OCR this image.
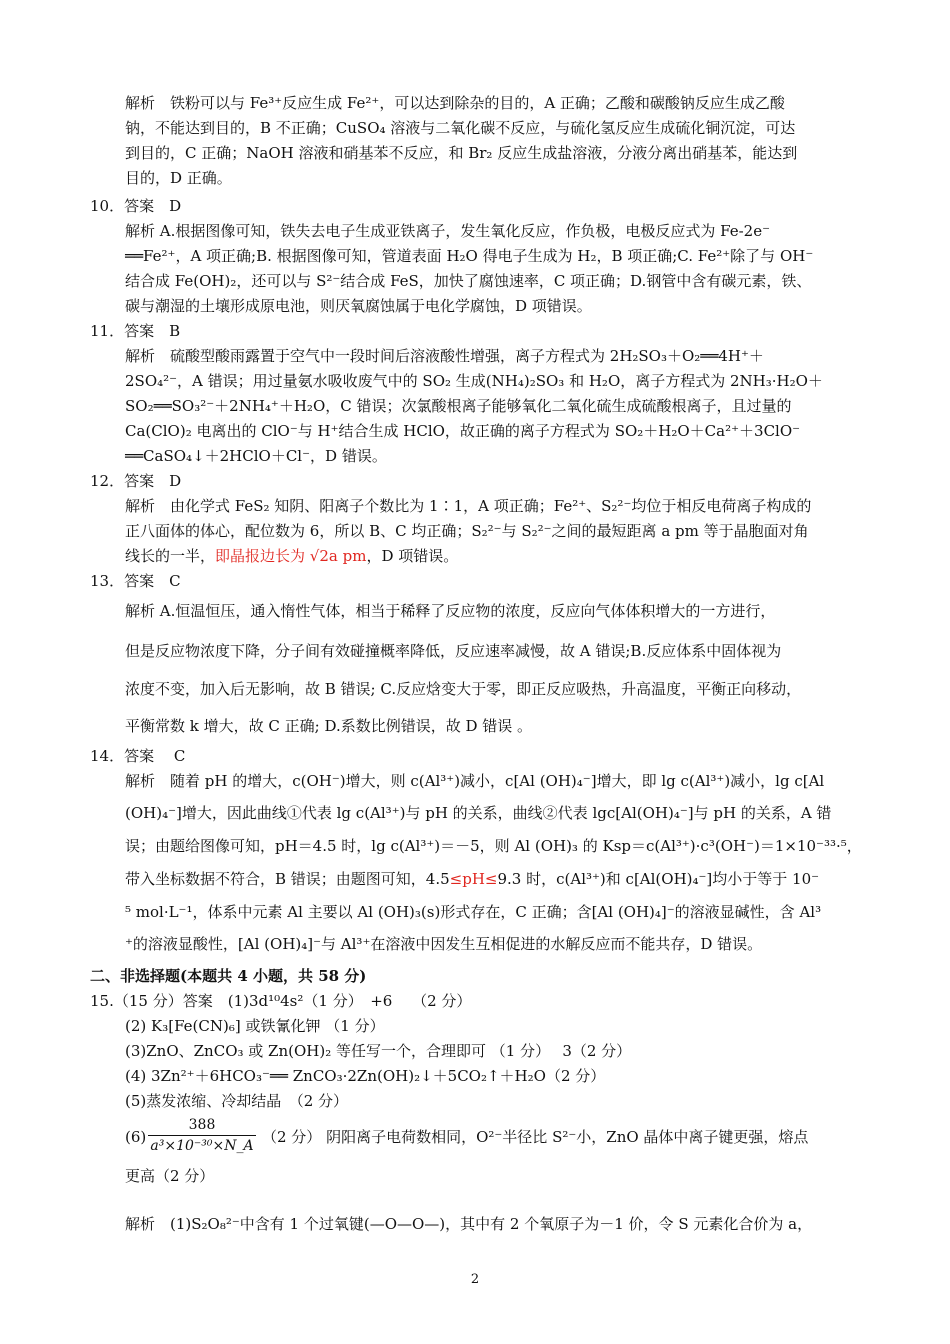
解析　铁粉可以与 Fe³⁺反应生成 Fe²⁺，可以达到除杂的目的，A 正确；乙酸和碳酸钠反应生成乙酸
钠，不能达到目的，B 不正确；CuSO₄ 溶液与二氧化碳不反应，与硫化氢反应生成硫化铜沉淀，可达
到目的，C 正确；NaOH 溶液和硝基苯不反应，和 Br₂ 反应生成盐溶液，分液分离出硝基苯，能达到
目的，D 正确。
10．答案　D
解析 A.根据图像可知，铁失去电子生成亚铁离子，发生氧化反应，作负极，电极反应式为 Fe-2e⁻
══Fe²⁺，A 项正确;B. 根据图像可知，管道表面 H₂O 得电子生成为 H₂，B 项正确;C. Fe²⁺除了与 OH⁻
结合成 Fe(OH)₂，还可以与 S²⁻结合成 FeS，加快了腐蚀速率，C 项正确；D.钢管中含有碳元素，铁、
碳与潮湿的土壤形成原电池，则厌氧腐蚀属于电化学腐蚀，D 项错误。
11．答案　B
解析　硫酸型酸雨露置于空气中一段时间后溶液酸性增强，离子方程式为 2H₂SO₃＋O₂══4H⁺＋
2SO₄²⁻，A 错误；用过量氨水吸收废气中的 SO₂ 生成(NH₄)₂SO₃ 和 H₂O，离子方程式为 2NH₃·H₂O＋
SO₂══SO₃²⁻＋2NH₄⁺＋H₂O，C 错误；次氯酸根离子能够氧化二氧化硫生成硫酸根离子，且过量的
Ca(ClO)₂ 电离出的 ClO⁻与 H⁺结合生成 HClO，故正确的离子方程式为 SO₂＋H₂O＋Ca²⁺＋3ClO⁻
══CaSO₄↓＋2HClO＋Cl⁻，D 错误。
12．答案　D
解析　由化学式 FeS₂ 知阴、阳离子个数比为 1∶1，A 项正确；Fe²⁺、S₂²⁻均位于相反电荷离子构成的
正八面体的体心，配位数为 6，所以 B、C 均正确；S₂²⁻与 S₂²⁻之间的最短距离 a pm 等于晶胞面对角
线长的一半，即晶报边长为 √2a pm，D 项错误。
13．答案　C
解析 A.恒温恒压，通入惰性气体，相当于稀释了反应物的浓度，反应向气体体积增大的一方进行，
但是反应物浓度下降，分子间有效碰撞概率降低，反应速率减慢，故 A 错误;B.反应体系中固体视为
浓度不变，加入后无影响，故 B 错误; C.反应焓变大于零，即正反应吸热，升高温度，平衡正向移动，
平衡常数 k 增大，故 C 正确; D.系数比例错误，故 D 错误 。
14．答案　 C
解析　随着 pH 的增大，c(OH⁻)增大，则 c(Al³⁺)减小，c[Al (OH)₄⁻]增大，即 lg c(Al³⁺)减小，lg c[Al
(OH)₄⁻]增大，因此曲线①代表 lg c(Al³⁺)与 pH 的关系，曲线②代表 lgc[Al(OH)₄⁻]与 pH 的关系，A 错
误；由题给图像可知，pH＝4.5 时，lg c(Al³⁺)＝－5，则 Al (OH)₃ 的 Ksp＝c(Al³⁺)·c³(OH⁻)＝1×10⁻³³·⁵，
带入坐标数据不符合，B 错误；由题图可知，4.5≤pH≤9.3 时，c(Al³⁺)和 c[Al(OH)₄⁻]均小于等于 10⁻
⁵ mol·L⁻¹，体系中元素 Al 主要以 Al (OH)₃(s)形式存在，C 正确；含[Al (OH)₄]⁻的溶液显碱性，含 Al³
⁺的溶液显酸性，[Al (OH)₄]⁻与 Al³⁺在溶液中因发生互相促进的水解反应而不能共存，D 错误。
二、非选择题(本题共 4 小题，共 58 分)
15.（15 分）答案　(1)3d¹⁰4s²（1 分）　+6　 （2 分）
(2) K₃[Fe(CN)₆] 或铁氰化钾 （1 分）
(3)ZnO、ZnCO₃ 或 Zn(OH)₂ 等任写一个，合理即可 （1 分）　 3（2 分）
(4) 3Zn²⁺＋6HCO₃⁻══ ZnCO₃·2Zn(OH)₂↓＋5CO₂↑＋H₂O（2 分）
(5)蒸发浓缩、冷却结晶　（2 分）
(6)
388
a³×10⁻³⁰×N_A （2 分） 阴阳离子电荷数相同，O²⁻半径比 S²⁻小，ZnO 晶体中离子键更强，熔点
更高（2 分）
解析　(1)S₂O₈²⁻中含有 1 个过氧键(—O—O—)，其中有 2 个氧原子为－1 价，令 S 元素化合价为 a，
2
